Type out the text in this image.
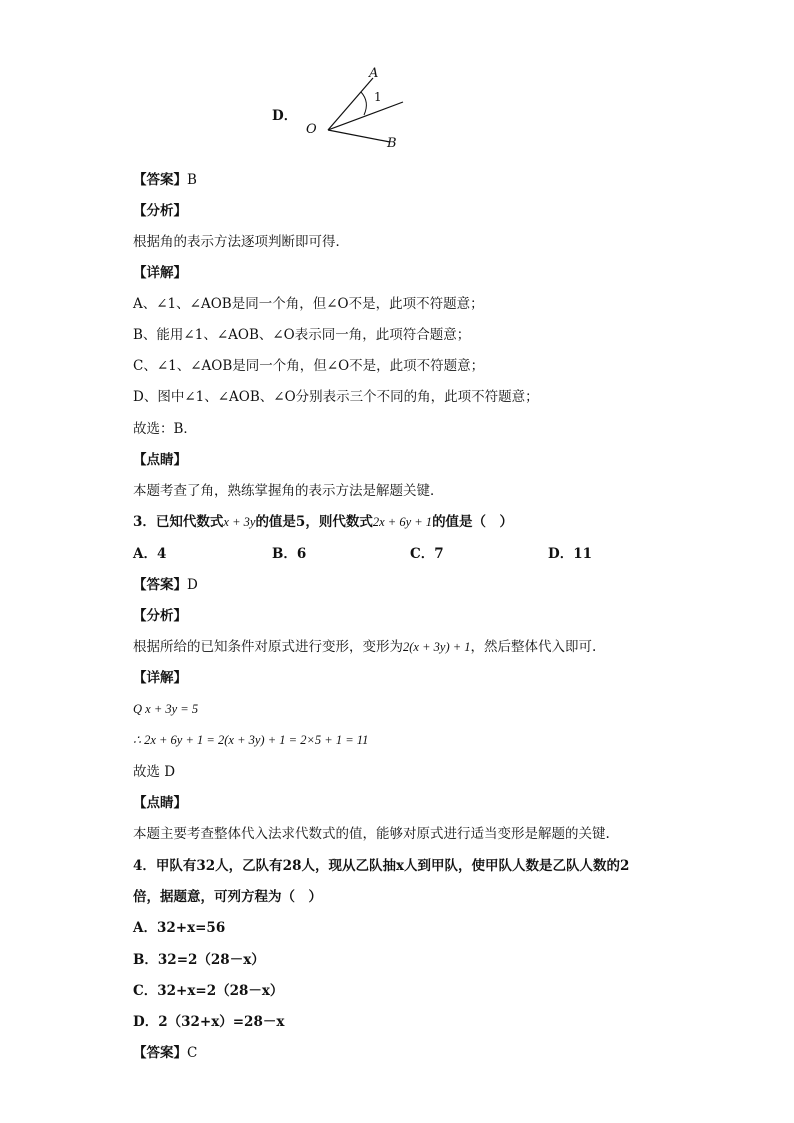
D．
A
1
O
B
【答案】B
【分析】
根据角的表示方法逐项判断即可得．
【详解】
A、∠1、∠AOB是同一个角，但∠O不是，此项不符题意；
B、能用∠1、∠AOB、∠O表示同一角，此项符合题意；
C、∠1、∠AOB是同一个角，但∠O不是，此项不符题意；
D、图中∠1、∠AOB、∠O分别表示三个不同的角，此项不符题意；
故选：B．
【点睛】
本题考查了角，熟练掌握角的表示方法是解题关键．
3．已知代数式x + 3y的值是5，则代数式2x + 6y + 1的值是（　）
A．4	B．6	C．7	D．11
【答案】D
【分析】
根据所给的已知条件对原式进行变形，变形为2(x + 3y) + 1，然后整体代入即可.
【详解】
Q x + 3y = 5
∴ 2x + 6y + 1 = 2(x + 3y) + 1 = 2×5 + 1 = 11
故选 D
【点睛】
本题主要考查整体代入法求代数式的值，能够对原式进行适当变形是解题的关键.
4．甲队有32人，乙队有28人，现从乙队抽x人到甲队，使甲队人数是乙队人数的2
倍，据题意，可列方程为（　）
A．32+x=56
B．32=2（28－x）
C．32+x=2（28－x）
D．2（32+x）=28－x
【答案】C
